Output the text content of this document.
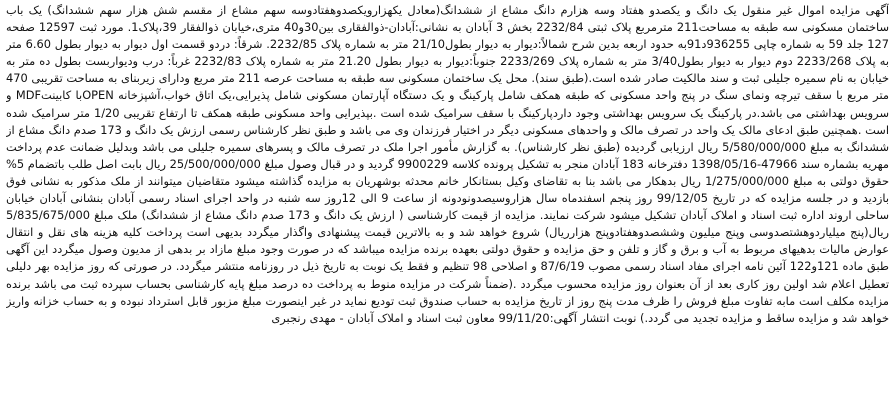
آگهی مزایده اموال غیر منقول یک دانگ و یکصدو هفتاد وسه هزارم دانگ مشاع از ششدانگ(معادل یکهزارویکصدوهفتادوسه سهم مشاع از مقسم شش هزار سهم ششدانگ) یک باب ساختمان مسکونی سه طبقه به مساحت211 مترمربع پلاک ثبتی 2232/84 بخش 3 آبادان به نشانی:آبادان-ذوالفقاری بین30و40 متری،خیابان ذوالفقار 39،پلاک1. مورد ثبت 12597 صفحه 127 جلد 59 به شماره چاپی 936255د91به حدود اربعه بدین شرح شمالاً:دیوار به دیوار بطول21/10 متر به شماره پلاک 2232/85. شرقاً: دردو قسمت اول دیوار به دیوار بطول 6.60 متر به پلاک 2233/268 دوم دیوار به دیوار بطول3/40 متر به شماره پلاک 2233/269 جنوباً:دیوار به دیوار بطول 21.20 متر به شماره پلاک 2232/83 غرباً: درب ودیواربست بطول ده متر به خیابان به نام سمیره جلیلی ثبت و سند مالکیت صادر شده است.(طبق سند). محل یک ساختمان مسکونی سه طبقه به مساحت عرصه 211 متر مربع ودارای زیربنای به مساحت تقریبی 470 متر مربع با سقف تیرچه ونمای سنگ در پنج واحد مسکونی که طبقه همکف شامل پارکینگ و یک دستگاه آپارتمان مسکونی شامل پذیرایی،یک اتاق خواب،آشپزخانه OPENبا کابینتMDF و سرویس بهداشتی می باشد.در پارکینگ یک سرویس بهداشتی وجود داردپارکینگ با سقف سرامیک شده است .بپذیرایی واحد مسکونی طبقه همکف تا ارتفاع تقریبی 1/20 متر سرامیک شده است .همچنین طبق ادعای مالک یک واحد در تصرف مالک و واحدهای مسکونی دیگر در اختیار فرزندان وی می باشد و طبق نظر کارشناس رسمی ارزش یک دانگ و 173 صدم دانگ مشاع از ششدانگ به مبلغ 5/580/000/000 ریال ارزیابی گردیده (طبق نظر کارشناس). به گزارش مأمور اجرا ملک در تصرف مالک و پسرهای سمیره جلیلی می باشد وبدلیل ضمانت عدم پرداخت مهریه بشماره سند 47966-1398/05/16 دفترخانه 183 آبادان منجر به تشکیل پرونده کلاسه 9900229 گردید و در قبال وصول مبلغ 25/500/000/000 ریال بابت اصل طلب باتضمام 5% حقوق دولتی به مبلغ 1/275/000/000 ریال بدهکار می باشد بنا به تقاضای وکیل بستانکار خانم محدثه بوشهریان به مزایده گذاشته میشود متقاضیان میتوانند از ملک مذکور به نشانی فوق بازدید و در جلسه مزایده که در تاریخ 99/12/05 روز پنجم اسفندماه سال هزاروسیصدونودونه از ساعت 9 الی 12روز سه شنبه در واحد اجرای اسناد رسمی آبادان بنشانی آبادان خیابان ساحلی اروند اداره ثبت اسناد و املاک آبادان تشکیل میشود شرکت نمایند. مزایده از قیمت کارشناسی ( ارزش یک دانگ و 173 صدم دانگ مشاع از ششدانگ) ملک مبلغ 5/835/675/000 ریال(پنج میلیاردوهشتصدوسی وپنج میلیون وششصدوهفتادوپنج هزارریال) شروع خواهد شد و به بالاترین قیمت پیشنهادی واگذار میگردد بدیهی است پرداخت کلیه هزینه های نقل و انتقال عوارض مالیات بدهیهای مربوط به آب و برق و گاز و تلفن و حق مزایده و حقوق دولتی بعهده برنده مزایده میباشد که در صورت وجود مبلغ مازاد بر بدهی از مدیون وصول میگردد این آگهی طبق ماده 121و122 آئین نامه اجرای مفاد اسناد رسمی مصوب 87/6/19 و اصلاحی 98 تنظیم و فقط یک نوبت به تاریخ ذیل در روزنامه منتشر میگردد. در صورتی که روز مزایده بهر دلیلی تعطیل اعلام شد اولین روز کاری بعد از آن بعنوان روز مزایده محسوب میگردد .(ضمناً شرکت در مزایده منوط به پرداخت ده درصد مبلغ پایه کارشناسی بحساب سپرده ثبت می باشد برنده مزایده مکلف است مابه تفاوت مبلغ فروش را ظرف مدت پنج روز از تاریخ مزایده به حساب صندوق ثبت تودیع نماید در غیر اینصورت مبلغ مزبور قابل استرداد نبوده و به حساب خزانه واریز خواهد شد و مزایده ساقط و مزایده تجدید می گردد.) نوبت انتشار آگهی:99/11/20 معاون ثبت اسناد و املاک آبادان - مهدی رنجبری
